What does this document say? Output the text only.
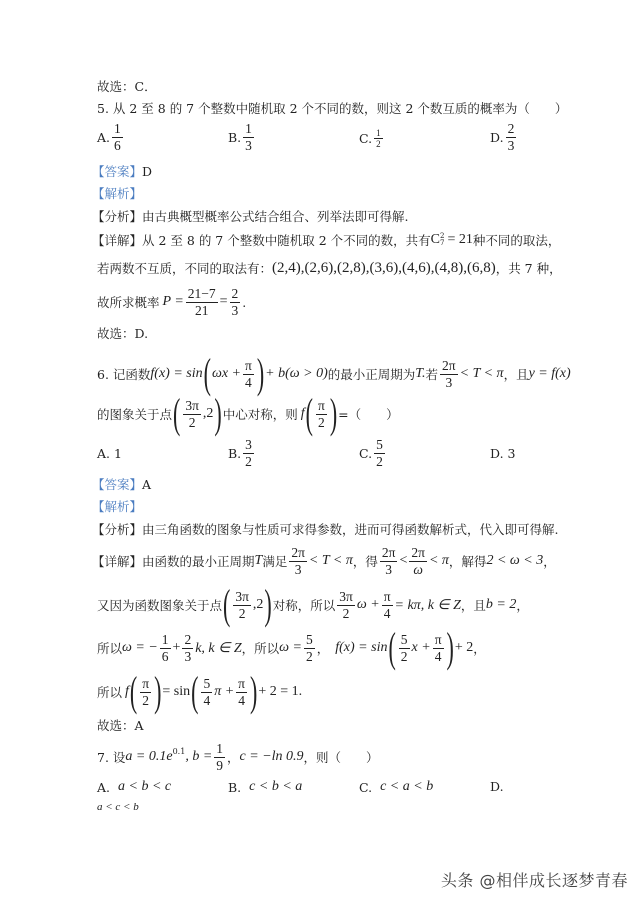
故选：C．
5. 从 2 至 8 的 7 个整数中随机取 2 个不同的数，则这 2 个数互质的概率为（　　）
A. $\frac{1}{6}$	B. $\frac{1}{3}$	C. $\frac{1}{2}$	D. $\frac{2}{3}$
【答案】 D
【解析】
【分析】 由古典概型概率公式结合组合、列举法即可得解.
【详解】 从 2 至 8 的 7 个整数中随机取 2 个不同的数，共有 C 2
7 = 21 种不同的取法，
若两数不互质，不同的取法有： (2,4),(2,6),(2,8),(3,6),(4,6),(4,8),(6,8) ，共 7 种，
故所求概率 $P = \frac{21-7}{21} = \frac{2}{3}$ .
故选：D.
6. 记函数 f(x) = sin ( $\omega x + \frac{\pi}{4}$ ) + b(ω > 0) 的最小正周期为 T. 若 $\frac{2\pi}{3} < T < \pi$ ，且 y = f(x)
的图象关于点 ( $\frac{3\pi}{2} ,2$ ) 中心对称，则 f ( $\frac{\pi}{2}$ ) =（　　）
A. 1	B. $\frac{3}{2}$	C. $\frac{5}{2}$	D. 3
【答案】 A
【解析】
【分析】 由三角函数的图象与性质可求得参数，进而可得函数解析式，代入即可得解.
【详解】 由函数的最小正周期 T 满足 $\frac{2\pi}{3} < T < \pi$ ，得 $\frac{2\pi}{3} < \frac{2\pi}{\omega} < \pi$ ，解得 2 < ω < 3 ，
又因为函数图象关于点 ( $\frac{3\pi}{2} ,2$ ) 对称，所以 $\frac{3\pi}{2}$ $\omega + \frac{\pi}{4} = k\pi$, k ∈ Z ，且 b = 2 ，
所以 ω = − $\frac{1}{6} + \frac{2}{3} k$, k ∈ Z ，所以 $\omega = \frac{5}{2}$ ， f(x) = sin ( $\frac{5}{2}$ $x + \frac{\pi}{4}$ ) + 2 ，
所以 f ( $\frac{\pi}{2}$ ) = sin ( $\frac{5}{4}$ $\pi + \frac{\pi}{4}$ ) + 2 = 1.
故选：A
7. 设 $a = 0.1e^{0.1}$ , $b = \frac{1}{9}$ ， c = −ln 0.9 ，则（　　）
A. a < b < c	B. c < b < a	C. c < a < b	D.
a < c < b
头条 @相伴成长逐梦青春
